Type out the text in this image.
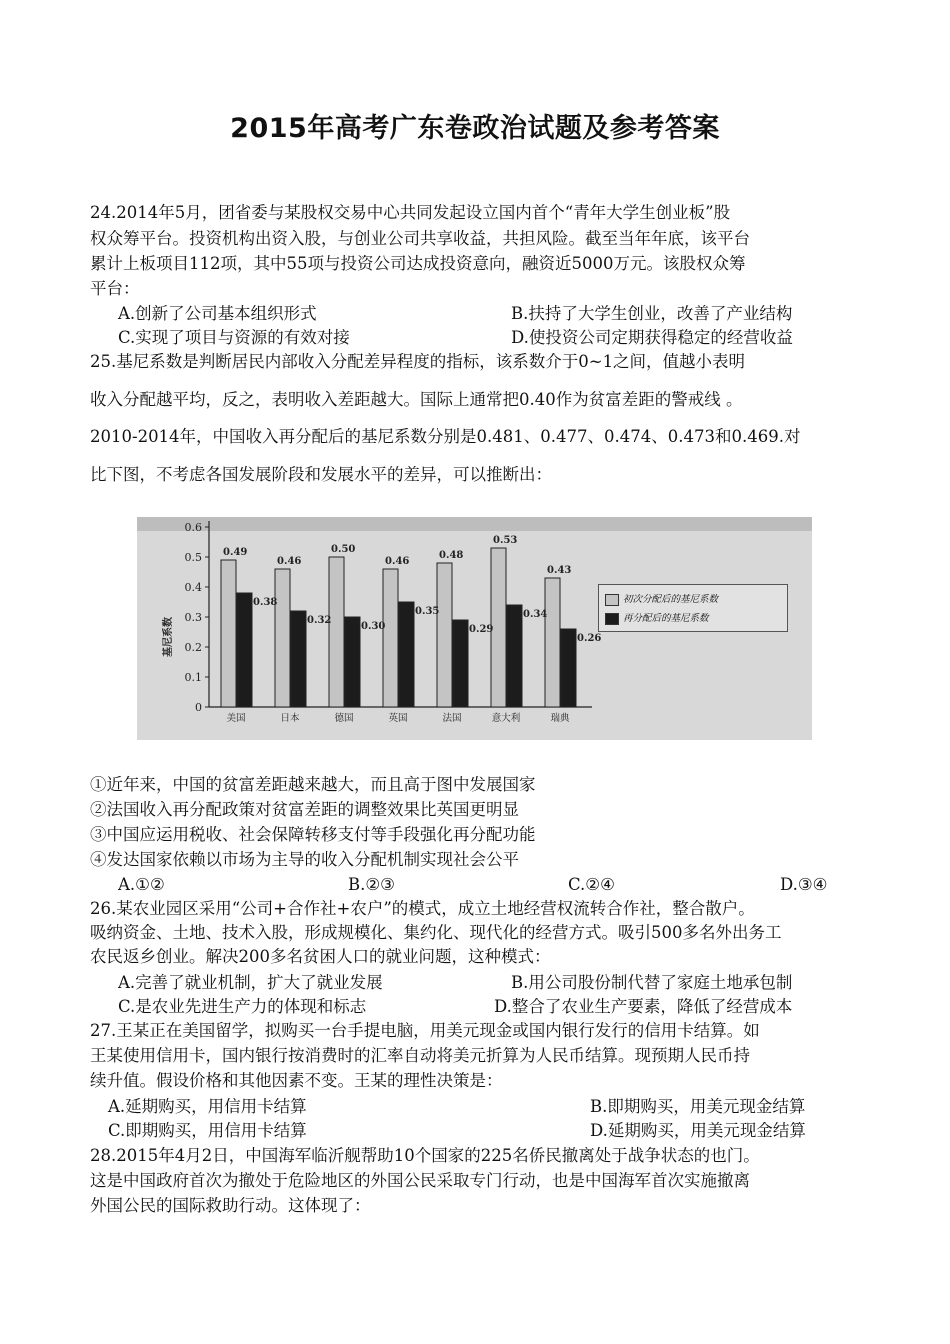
2015年高考广东卷政治试题及参考答案
24.2014年5月，团省委与某股权交易中心共同发起设立国内首个“青年大学生创业板”股
权众筹平台。投资机构出资入股，与创业公司共享收益，共担风险。截至当年年底，该平台
累计上板项目112项，其中55项与投资公司达成投资意向，融资近5000万元。该股权众筹
平台：
A.创新了公司基本组织形式	B.扶持了大学生创业，改善了产业结构
C.实现了项目与资源的有效对接	D.使投资公司定期获得稳定的经营收益
25.基尼系数是判断居民内部收入分配差异程度的指标，该系数介于0~1之间，值越小表明
收入分配越平均，反之，表明收入差距越大。国际上通常把0.40作为贫富差距的警戒线 。
2010-2014年，中国收入再分配后的基尼系数分别是0.481、0.477、0.474、0.473和0.469.对
比下图，不考虑各国发展阶段和发展水平的差异，可以推断出：
0
0.1
0.2
0.3
0.4
0.5
0.6
0.49
0.38
美国
0.46
0.32
日本
0.50
0.30
德国
0.46
0.35
英国
0.48
0.29
法国
0.53
0.34
意大利
0.43
0.26
瑞典
基尼系数
初次分配后的基尼系数
再分配后的基尼系数
①近年来，中国的贫富差距越来越大，而且高于图中发展国家
②法国收入再分配政策对贫富差距的调整效果比英国更明显
③中国应运用税收、社会保障转移支付等手段强化再分配功能
④发达国家依赖以市场为主导的收入分配机制实现社会公平
A.①②	B.②③	C.②④	D.③④
26.某农业园区采用“公司+合作社+农户”的模式，成立土地经营权流转合作社，整合散户。
吸纳资金、土地、技术入股，形成规模化、集约化、现代化的经营方式。吸引500多名外出务工
农民返乡创业。解决200多名贫困人口的就业问题，这种模式：
A.完善了就业机制，扩大了就业发展	B.用公司股份制代替了家庭土地承包制
C.是农业先进生产力的体现和标志	D.整合了农业生产要素，降低了经营成本
27.王某正在美国留学，拟购买一台手提电脑，用美元现金或国内银行发行的信用卡结算。如
王某使用信用卡，国内银行按消费时的汇率自动将美元折算为人民币结算。现预期人民币持
续升值。假设价格和其他因素不变。王某的理性决策是：
A.延期购买，用信用卡结算	B.即期购买，用美元现金结算
C.即期购买，用信用卡结算	D.延期购买，用美元现金结算
28.2015年4月2日，中国海军临沂舰帮助10个国家的225名侨民撤离处于战争状态的也门。
这是中国政府首次为撤处于危险地区的外国公民采取专门行动，也是中国海军首次实施撤离
外国公民的国际救助行动。这体现了：
